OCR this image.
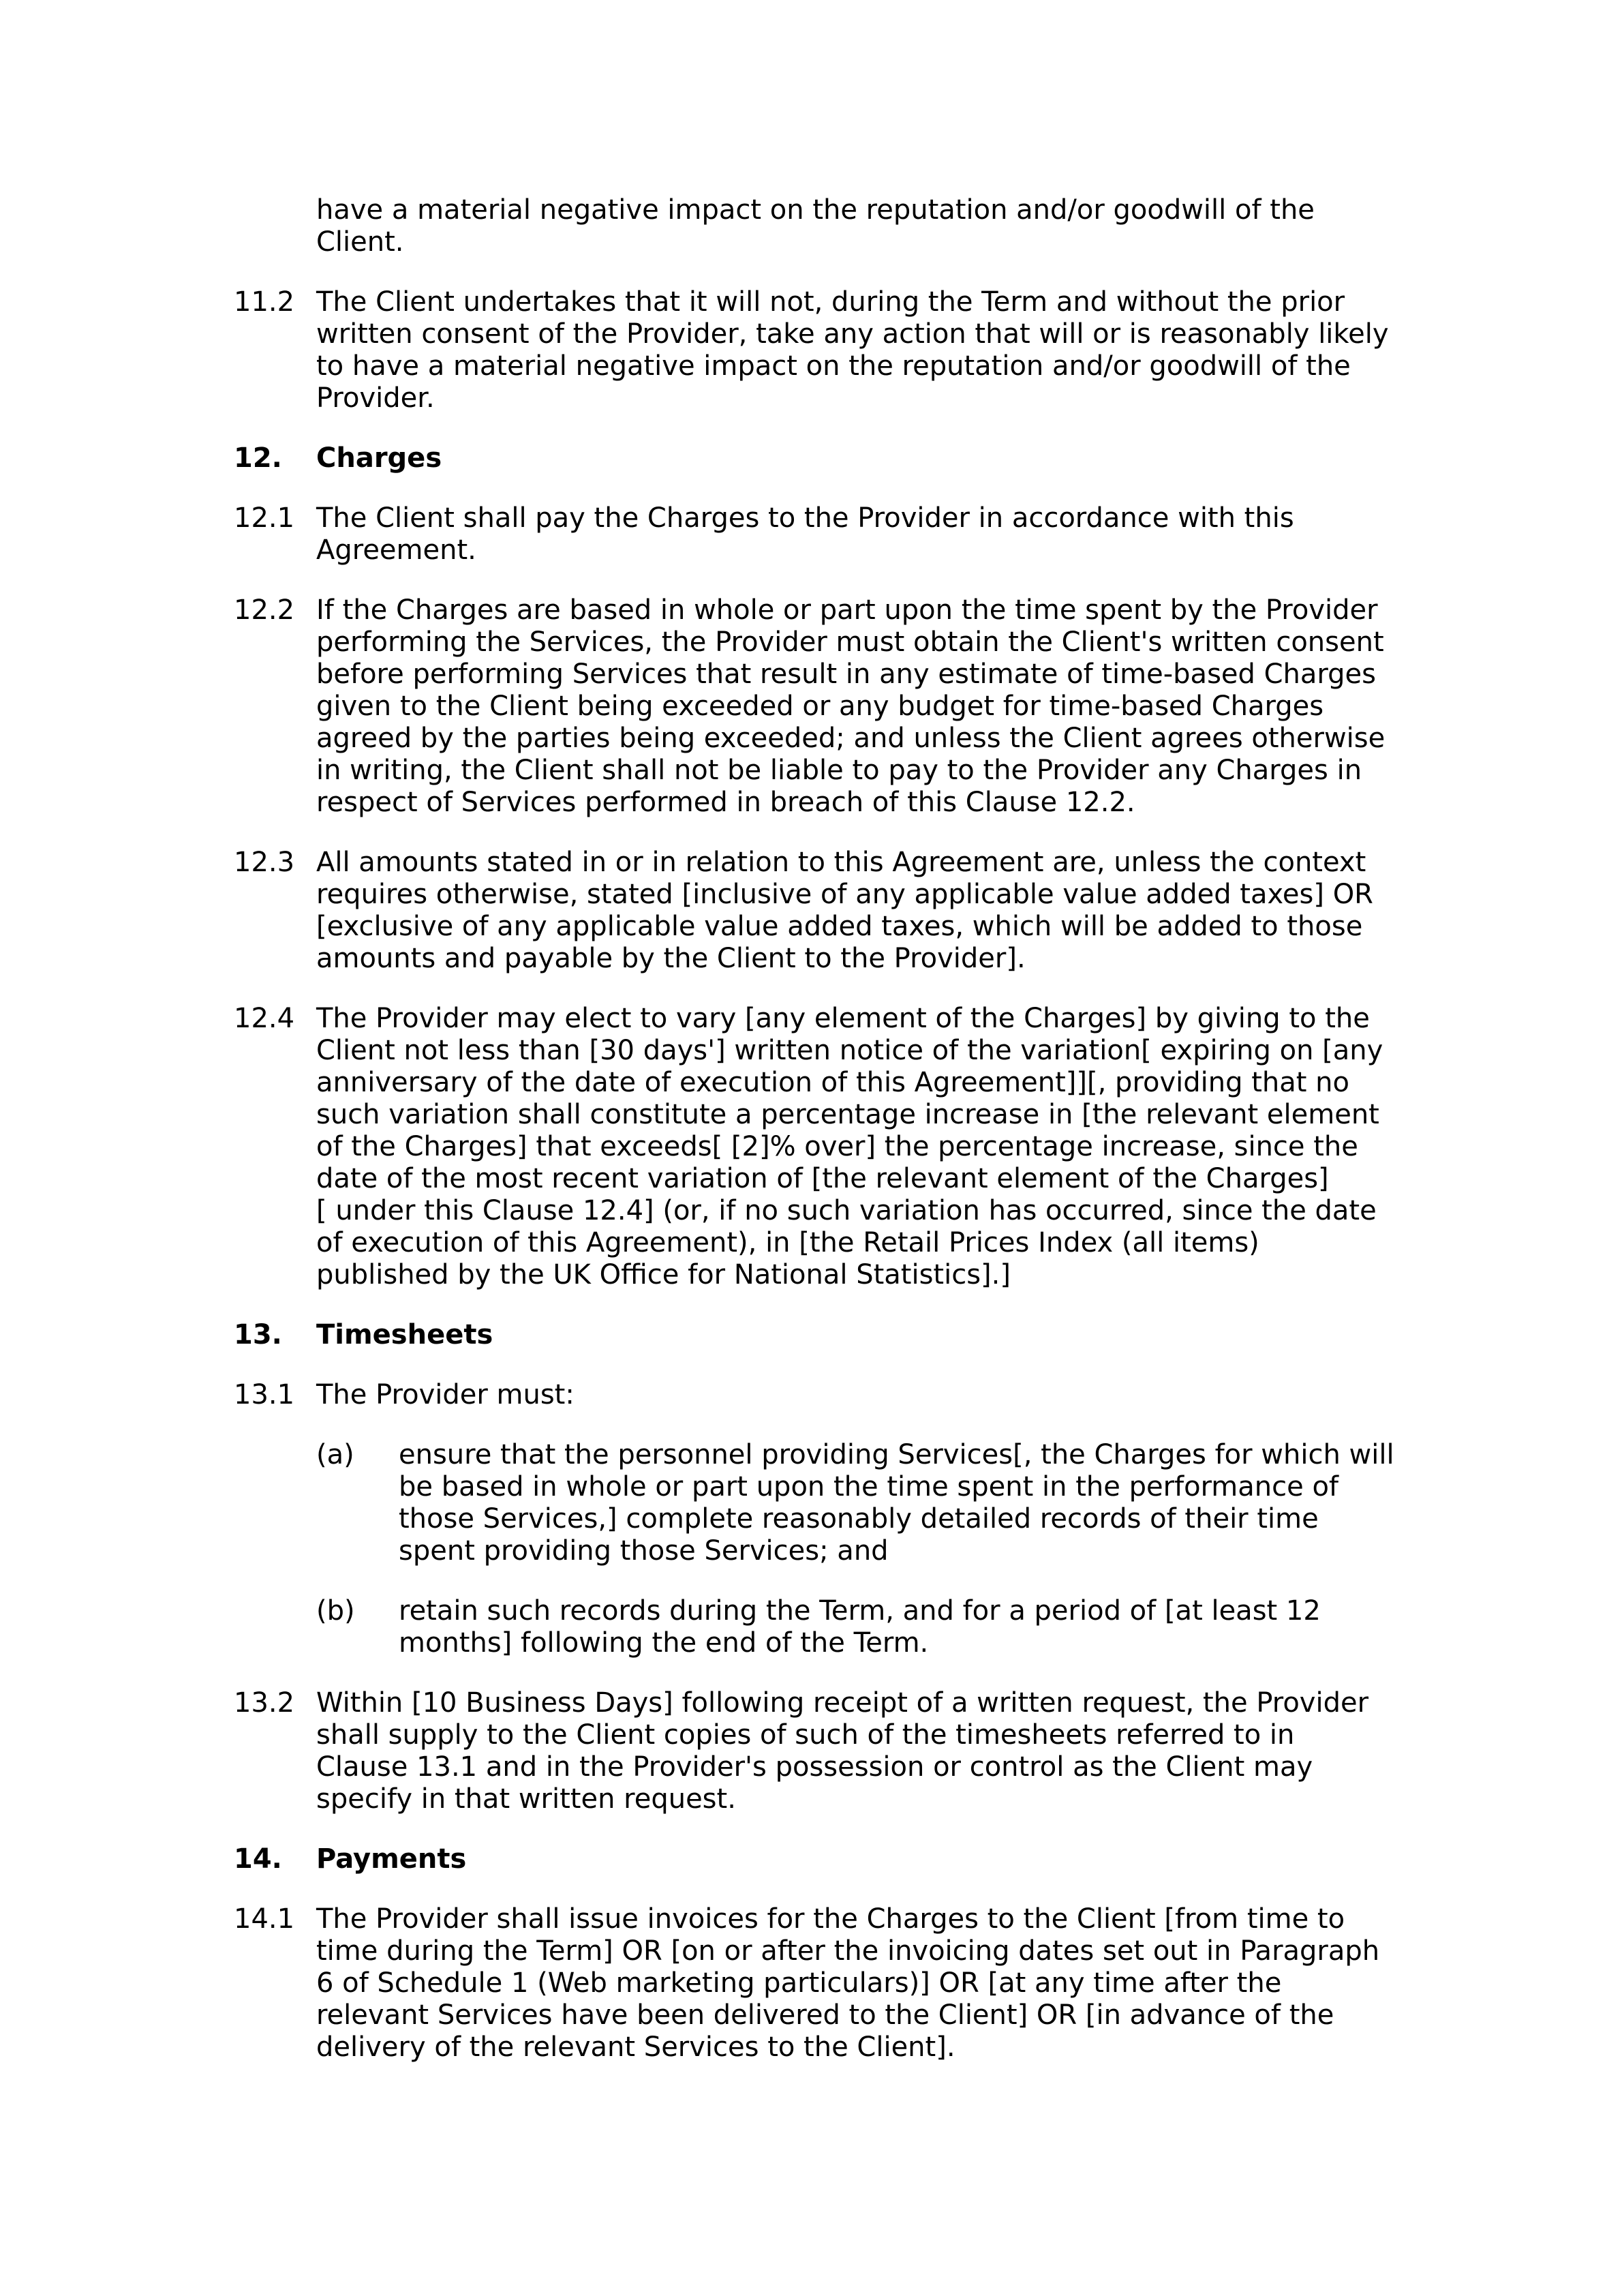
have a material negative impact on the reputation and/or goodwill of the
Client.
11.2 The Client undertakes that it will not, during the Term and without the prior
written consent of the Provider, take any action that will or is reasonably likely
to have a material negative impact on the reputation and/or goodwill of the
Provider.
12.	Charges
12.1 The Client shall pay the Charges to the Provider in accordance with this
Agreement.
12.2 If the Charges are based in whole or part upon the time spent by the Provider
performing the Services, the Provider must obtain the Client's written consent
before performing Services that result in any estimate of time-based Charges
given to the Client being exceeded or any budget for time-based Charges
agreed by the parties being exceeded; and unless the Client agrees otherwise
in writing, the Client shall not be liable to pay to the Provider any Charges in
respect of Services performed in breach of this Clause 12.2.
12.3 All amounts stated in or in relation to this Agreement are, unless the context
requires otherwise, stated [inclusive of any applicable value added taxes] OR
[exclusive of any applicable value added taxes, which will be added to those
amounts and payable by the Client to the Provider].
12.4 The Provider may elect to vary [any element of the Charges] by giving to the
Client not less than [30 days'] written notice of the variation[ expiring on [any
anniversary of the date of execution of this Agreement]][, providing that no
such variation shall constitute a percentage increase in [the relevant element
of the Charges] that exceeds[ [2]% over] the percentage increase, since the
date of the most recent variation of [the relevant element of the Charges]
[ under this Clause 12.4] (or, if no such variation has occurred, since the date
of execution of this Agreement), in [the Retail Prices Index (all items)
published by the UK Office for National Statistics].]
13.	Timesheets
13.1 The Provider must:
(a)	ensure that the personnel providing Services[, the Charges for which will
be based in whole or part upon the time spent in the performance of
those Services,] complete reasonably detailed records of their time
spent providing those Services; and
(b)	retain such records during the Term, and for a period of [at least 12
months] following the end of the Term.
13.2 Within [10 Business Days] following receipt of a written request, the Provider
shall supply to the Client copies of such of the timesheets referred to in
Clause 13.1 and in the Provider's possession or control as the Client may
specify in that written request.
14.	Payments
14.1 The Provider shall issue invoices for the Charges to the Client [from time to
time during the Term] OR [on or after the invoicing dates set out in Paragraph
6 of Schedule 1 (Web marketing particulars)] OR [at any time after the
relevant Services have been delivered to the Client] OR [in advance of the
delivery of the relevant Services to the Client].
